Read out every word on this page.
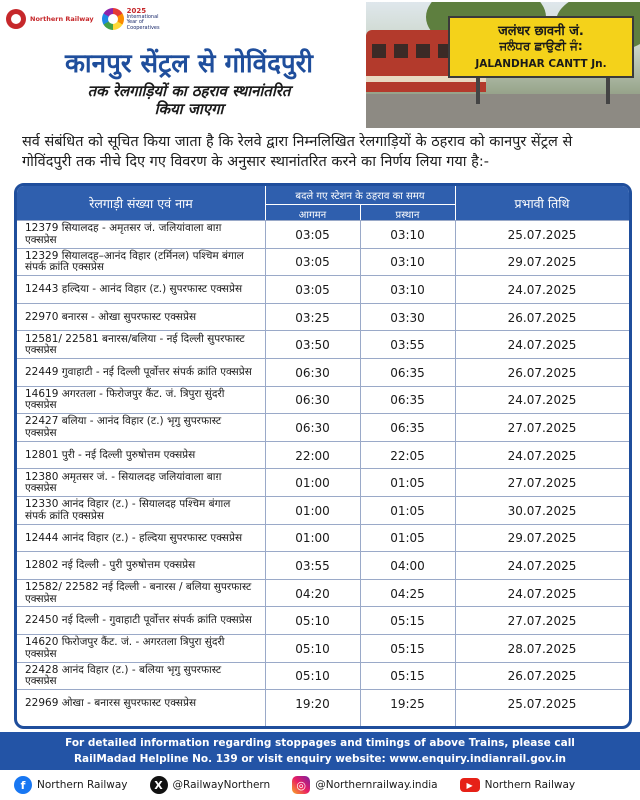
Northern Railway
2025
International Year of Cooperatives
कानपुर सेंट्रल से गोविंदपुरी
तक रेलगाड़ियों का ठहराव स्थानांतरित
किया जाएगा
जलंधर छावनी जं.
ਜਲੰਧਰ ਛਾਉਣੀ ਜੰ:
JALANDHAR CANTT Jn.
सर्व संबंधित को सूचित किया जाता है कि रेलवे द्वारा निम्नलिखित रेलगाड़ियों के ठहराव को कानपुर सेंट्रल से गोविंदपुरी तक नीचे दिए गए विवरण के अनुसार स्थानांतरित करने का निर्णय लिया गया है:-
रेलगाड़ी संख्या एवं नाम	बदले गए स्टेशन के ठहराव का समय
आगमन	प्रस्थान
प्रभावी तिथि
12379 सियालदह - अमृतसर जं. जलियांवाला बाग़ एक्सप्रेस	03:05	03:10	25.07.2025
12329 सियालदह–आनंद विहार (टर्मिनल) पश्चिम बंगाल संपर्क क्रांति एक्सप्रेस	03:05	03:10	29.07.2025
12443 हल्दिया - आनंद विहार (ट.) सुपरफास्ट एक्सप्रेस	03:05	03:10	24.07.2025
22970 बनारस - ओखा सुपरफास्ट एक्सप्रेस	03:25	03:30	26.07.2025
12581/ 22581 बनारस/बलिया - नई दिल्ली सुपरफास्ट एक्सप्रेस	03:50	03:55	24.07.2025
22449 गुवाहाटी - नई दिल्ली पूर्वोत्तर संपर्क क्रांति एक्सप्रेस	06:30	06:35	26.07.2025
14619 अगरतला - फिरोजपुर कैंट. जं. त्रिपुरा सुंदरी एक्सप्रेस	06:30	06:35	24.07.2025
22427 बलिया - आनंद विहार (ट.) भृगु सुपरफास्ट एक्सप्रेस	06:30	06:35	27.07.2025
12801 पुरी - नई दिल्ली पुरुषोत्तम एक्सप्रेस	22:00	22:05	24.07.2025
12380 अमृतसर जं. - सियालदह जलियांवाला बाग़ एक्सप्रेस	01:00	01:05	27.07.2025
12330 आनंद विहार (ट.) - सियालदह पश्चिम बंगाल संपर्क क्रांति एक्सप्रेस	01:00	01:05	30.07.2025
12444 आनंद विहार (ट.) - हल्दिया सुपरफास्ट एक्सप्रेस	01:00	01:05	29.07.2025
12802 नई दिल्ली - पुरी पुरुषोत्तम एक्सप्रेस	03:55	04:00	24.07.2025
12582/ 22582 नई दिल्ली - बनारस / बलिया सुपरफास्ट एक्सप्रेस	04:20	04:25	24.07.2025
22450 नई दिल्ली - गुवाहाटी पूर्वोत्तर संपर्क क्रांति एक्सप्रेस	05:10	05:15	27.07.2025
14620 फिरोजपुर कैंट. जं. - अगरतला त्रिपुरा सुंदरी एक्सप्रेस	05:10	05:15	28.07.2025
22428 आनंद विहार (ट.) - बलिया भृगु सुपरफास्ट एक्सप्रेस	05:10	05:15	26.07.2025
22969 ओखा - बनारस सुपरफास्ट एक्सप्रेस	19:20	19:25	25.07.2025
For detailed information regarding stoppages and timings of above Trains, please call
RailMadad Helpline No. 139 or visit enquiry website: www.enquiry.indianrail.gov.in
f	Northern Railway	X @RailwayNorthern	◎ @Northernrailway.india	▶	Northern Railway
